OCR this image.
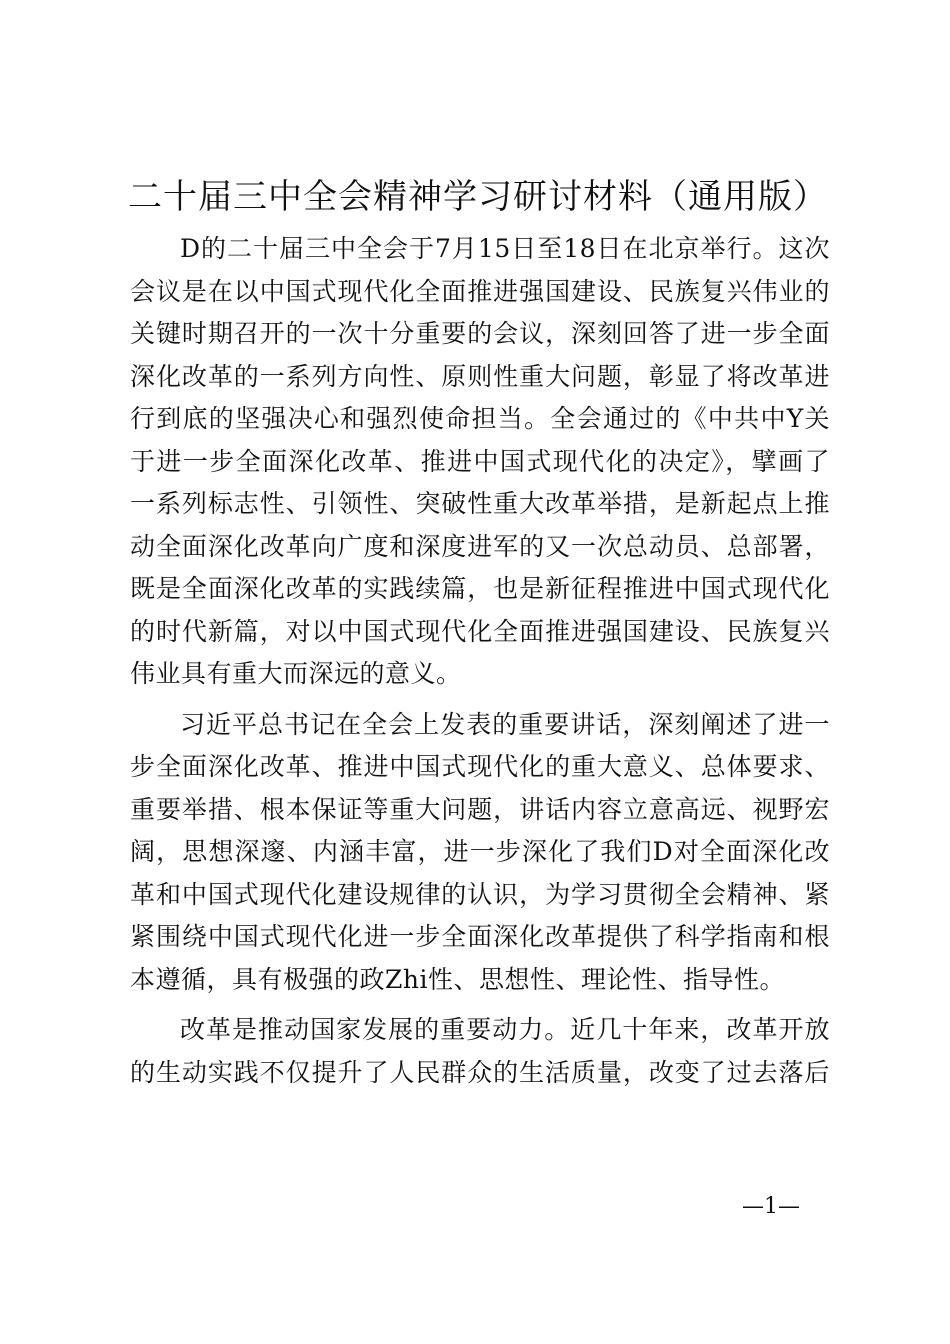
二十届三中全会精神学习研讨材料（通用版）
D的二十届三中全会于7月15日至18日在北京举行。这次
会议是在以中国式现代化全面推进强国建设、民族复兴伟业的
关键时期召开的一次十分重要的会议，深刻回答了进一步全面
深化改革的一系列方向性、原则性重大问题，彰显了将改革进
行到底的坚强决心和强烈使命担当。全会通过的《中共中Y关
于进一步全面深化改革、推进中国式现代化的决定》，擘画了
一系列标志性、引领性、突破性重大改革举措，是新起点上推
动全面深化改革向广度和深度进军的又一次总动员、总部署，
既是全面深化改革的实践续篇，也是新征程推进中国式现代化
的时代新篇，对以中国式现代化全面推进强国建设、民族复兴
伟业具有重大而深远的意义。
习近平总书记在全会上发表的重要讲话，深刻阐述了进一
步全面深化改革、推进中国式现代化的重大意义、总体要求、
重要举措、根本保证等重大问题，讲话内容立意高远、视野宏
阔，思想深邃、内涵丰富，进一步深化了我们D对全面深化改
革和中国式现代化建设规律的认识，为学习贯彻全会精神、紧
紧围绕中国式现代化进一步全面深化改革提供了科学指南和根
本遵循，具有极强的政Zhi性、思想性、理论性、指导性。
改革是推动国家发展的重要动力。近几十年来，改革开放
的生动实践不仅提升了人民群众的生活质量，改变了过去落后
—1—
